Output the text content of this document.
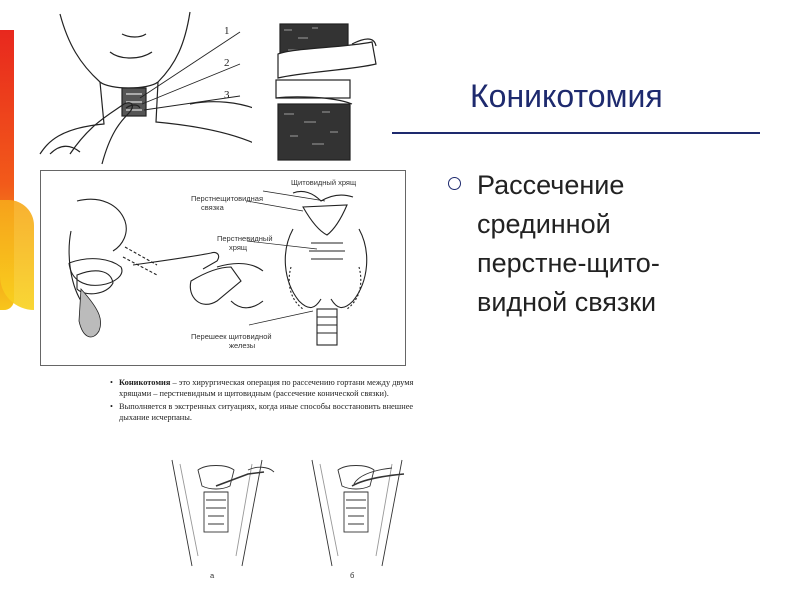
1
2
3
Перстнещитовидная связка
Перстневидный хрящ
Щитовидный хрящ
Перешеек щитовидной железы
• Коникотомия – это хирургическая операция по рассечению гортани между двумя хрящами – перстневидным и щитовидным (рассечение конической связки).
• Выполняется в экстренных ситуациях, когда иные способы восстановить внешнее дыхание исчерпаны.
а	б
Коникотомия
Рассечение
срединной
перстне-щито-
видной связки
